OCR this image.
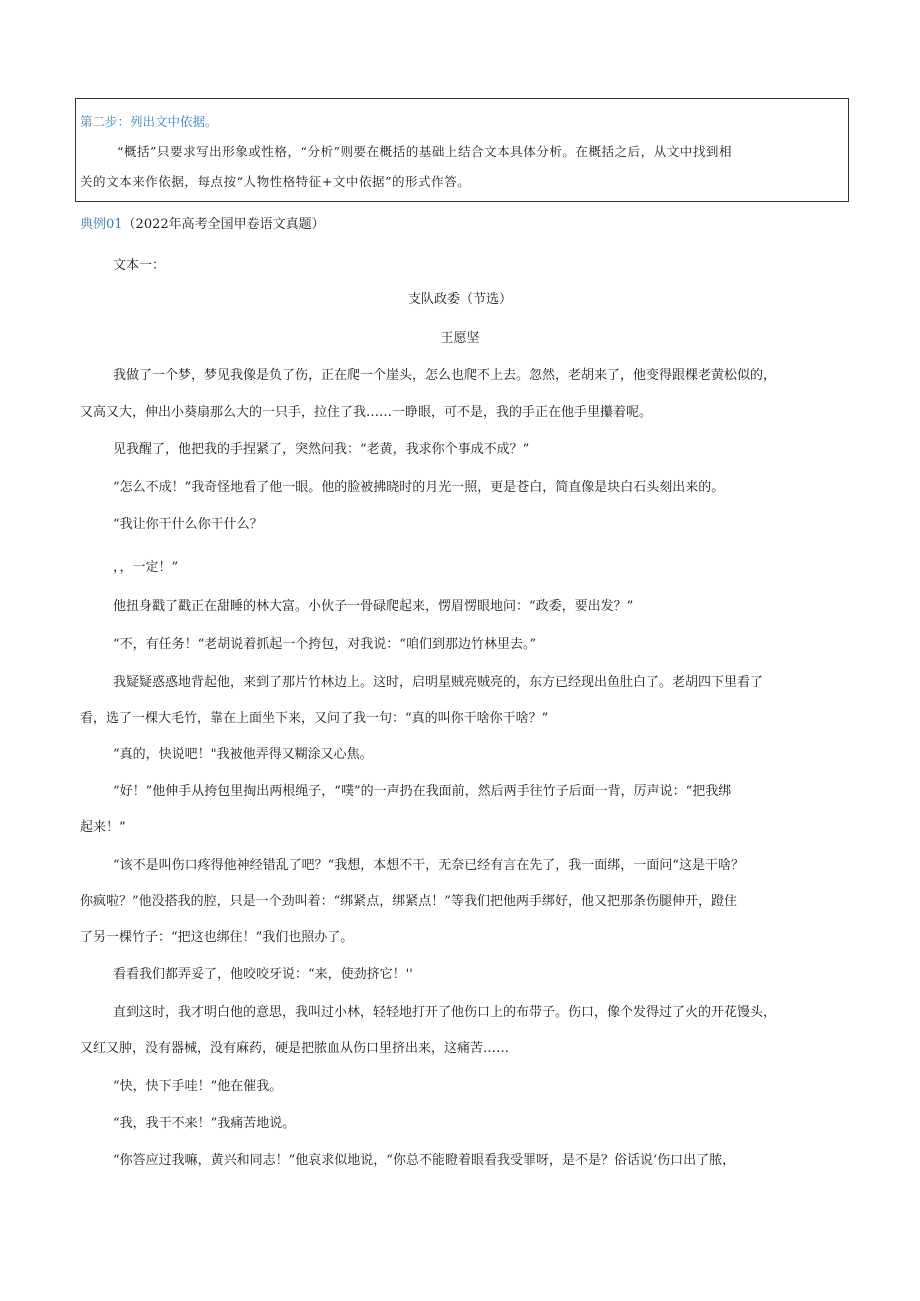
第二步：列出文中依据。

“概括”只要求写出形象或性格，“分析”则要在概括的基础上结合文本具体分析。在概括之后，从文中找到相

关的文本来作依据，每点按“人物性格特征+文中依据”的形式作答。

典例01（2022年高考全国甲卷语文真题）
文本一：
支队政委（节选）
王愿坚
我做了一个梦，梦见我像是负了伤，正在爬一个崖头，怎么也爬不上去。忽然，老胡来了，他变得跟棵老黄松似的，
又高又大，伸出小葵扇那么大的一只手，拉住了我……一睁眼，可不是，我的手正在他手里攥着呢。
见我醒了，他把我的手捏紧了，突然问我：“老黄，我求你个事成不成？”
“怎么不成！”我奇怪地看了他一眼。他的脸被拂晓时的月光一照，更是苍白，简直像是块白石头刻出来的。
“我让你干什么你干什么？
，，一定！”
他扭身戳了戳正在甜睡的林大富。小伙子一骨碌爬起来，愣眉愣眼地问：“政委，要出发？”
“不，有任务！“老胡说着抓起一个挎包，对我说：“咱们到那边竹林里去。”
我疑疑惑惑地背起他，来到了那片竹林边上。这时，启明星贼亮贼亮的，东方已经现出鱼肚白了。老胡四下里看了
看，选了一棵大毛竹，靠在上面坐下来，又问了我一句：“真的叫你干啥你干啥？”
“真的，快说吧！"我被他弄得又糊涂又心焦。
“好！”他伸手从挎包里掏出两根绳子，“噗”的一声扔在我面前，然后两手往竹子后面一背，厉声说：“把我绑
起来！”
“该不是叫伤口疼得他神经错乱了吧？“我想，本想不干，无奈已经有言在先了，我一面绑，一面问“这是干啥？
你疯啦？”他没搭我的腔，只是一个劲叫着：“绑紧点，绑紧点！”等我们把他两手绑好，他又把那条伤腿伸开，蹬住
了另一棵竹子：“把这也绑住！”我们也照办了。
看看我们都弄妥了，他咬咬牙说：“来，使劲挤它！''
直到这时，我才明白他的意思，我叫过小林，轻轻地打开了他伤口上的布带子。伤口，像个发得过了火的开花馒头，
又红又肿，没有器械，没有麻药，硬是把脓血从伤口里挤出来，这痛苦……
“快，快下手哇！”他在催我。
“我，我干不来！”我痛苦地说。
“你答应过我嘛，黄兴和同志！”他哀求似地说，“你总不能瞪着眼看我受罪呀，是不是？俗话说‘伤口出了脓，
